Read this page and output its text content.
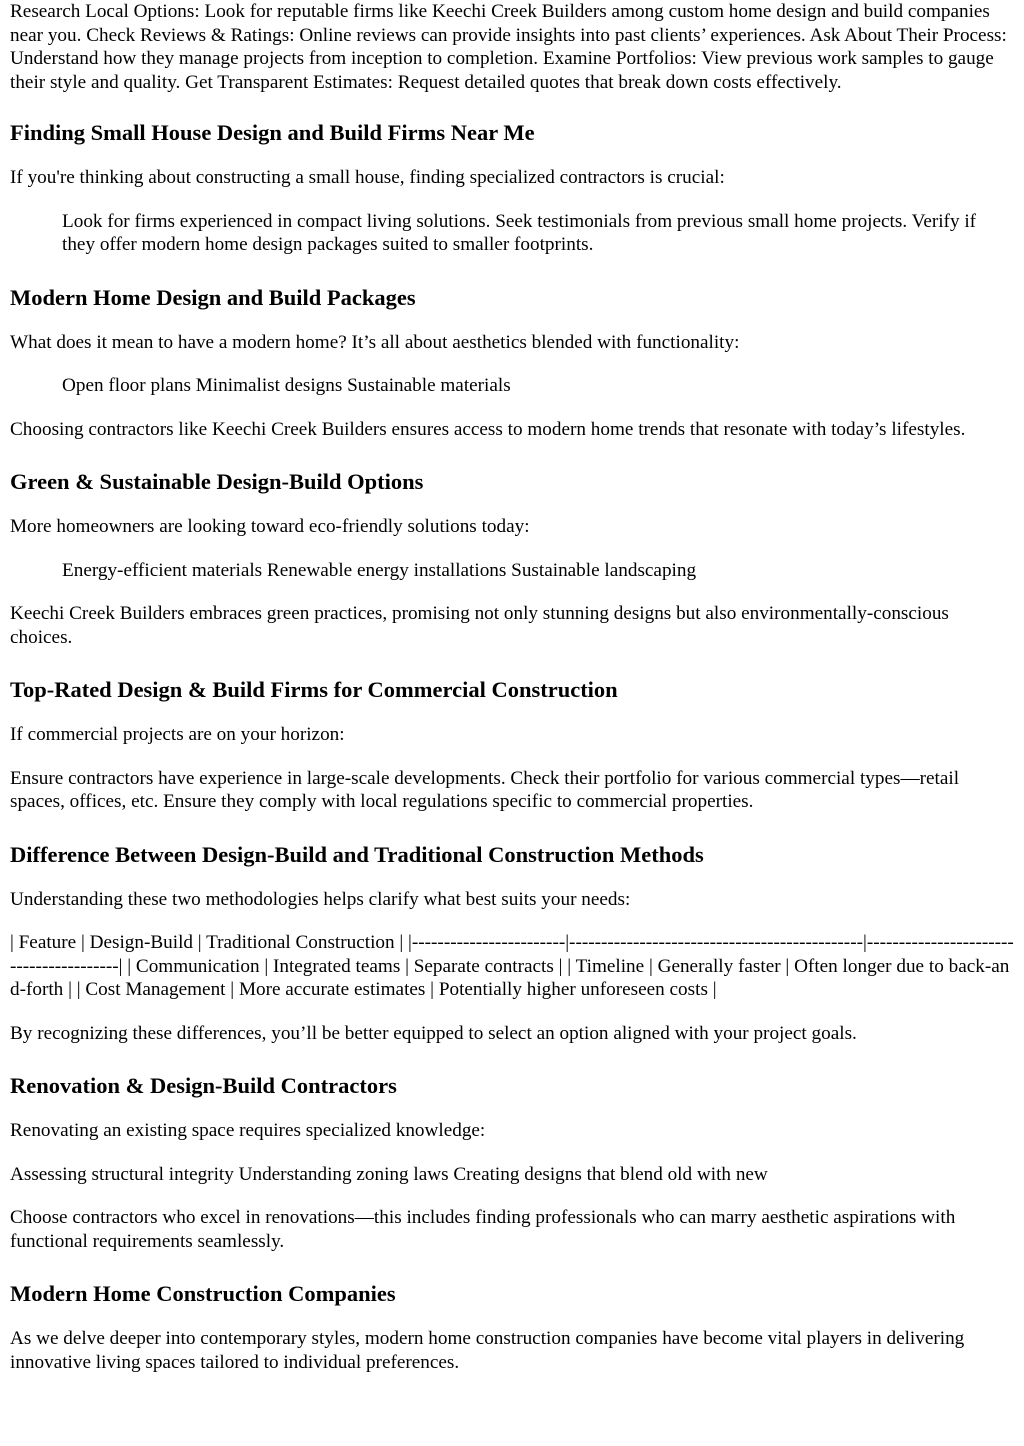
Research Local Options: Look for reputable firms like Keechi Creek Builders among custom home design and build companies near you. Check Reviews & Ratings: Online reviews can provide insights into past clients’ experiences. Ask About Their Process: Understand how they manage projects from inception to completion. Examine Portfolios: View previous work samples to gauge their style and quality. Get Transparent Estimates: Request detailed quotes that break down costs effectively.

Finding Small House Design and Build Firms Near Me

If you're thinking about constructing a small house, finding specialized contractors is crucial:

Look for firms experienced in compact living solutions. Seek testimonials from previous small home projects. Verify if they offer modern home design packages suited to smaller footprints.

Modern Home Design and Build Packages

What does it mean to have a modern home? It’s all about aesthetics blended with functionality:

Open floor plans Minimalist designs Sustainable materials

Choosing contractors like Keechi Creek Builders ensures access to modern home trends that resonate with today’s lifestyles.

Green & Sustainable Design-Build Options

More homeowners are looking toward eco-friendly solutions today:

Energy-efficient materials Renewable energy installations Sustainable landscaping

Keechi Creek Builders embraces green practices, promising not only stunning designs but also environmentally-conscious choices.

Top-Rated Design & Build Firms for Commercial Construction

If commercial projects are on your horizon:

Ensure contractors have experience in large-scale developments. Check their portfolio for various commercial types—retail spaces, offices, etc. Ensure they comply with local regulations specific to commercial properties.

Difference Between Design-Build and Traditional Construction Methods

Understanding these two methodologies helps clarify what best suits your needs:

| Feature | Design-Build | Traditional Construction | |------------------------|----------------------------------------------|----------------------------------------| | Communication | Integrated teams | Separate contracts | | Timeline | Generally faster | Often longer due to back-and-forth | | Cost Management | More accurate estimates | Potentially higher unforeseen costs |

By recognizing these differences, you’ll be better equipped to select an option aligned with your project goals.

Renovation & Design-Build Contractors

Renovating an existing space requires specialized knowledge:

Assessing structural integrity Understanding zoning laws Creating designs that blend old with new

Choose contractors who excel in renovations—this includes finding professionals who can marry aesthetic aspirations with functional requirements seamlessly.

Modern Home Construction Companies

As we delve deeper into contemporary styles, modern home construction companies have become vital players in delivering innovative living spaces tailored to individual preferences.
